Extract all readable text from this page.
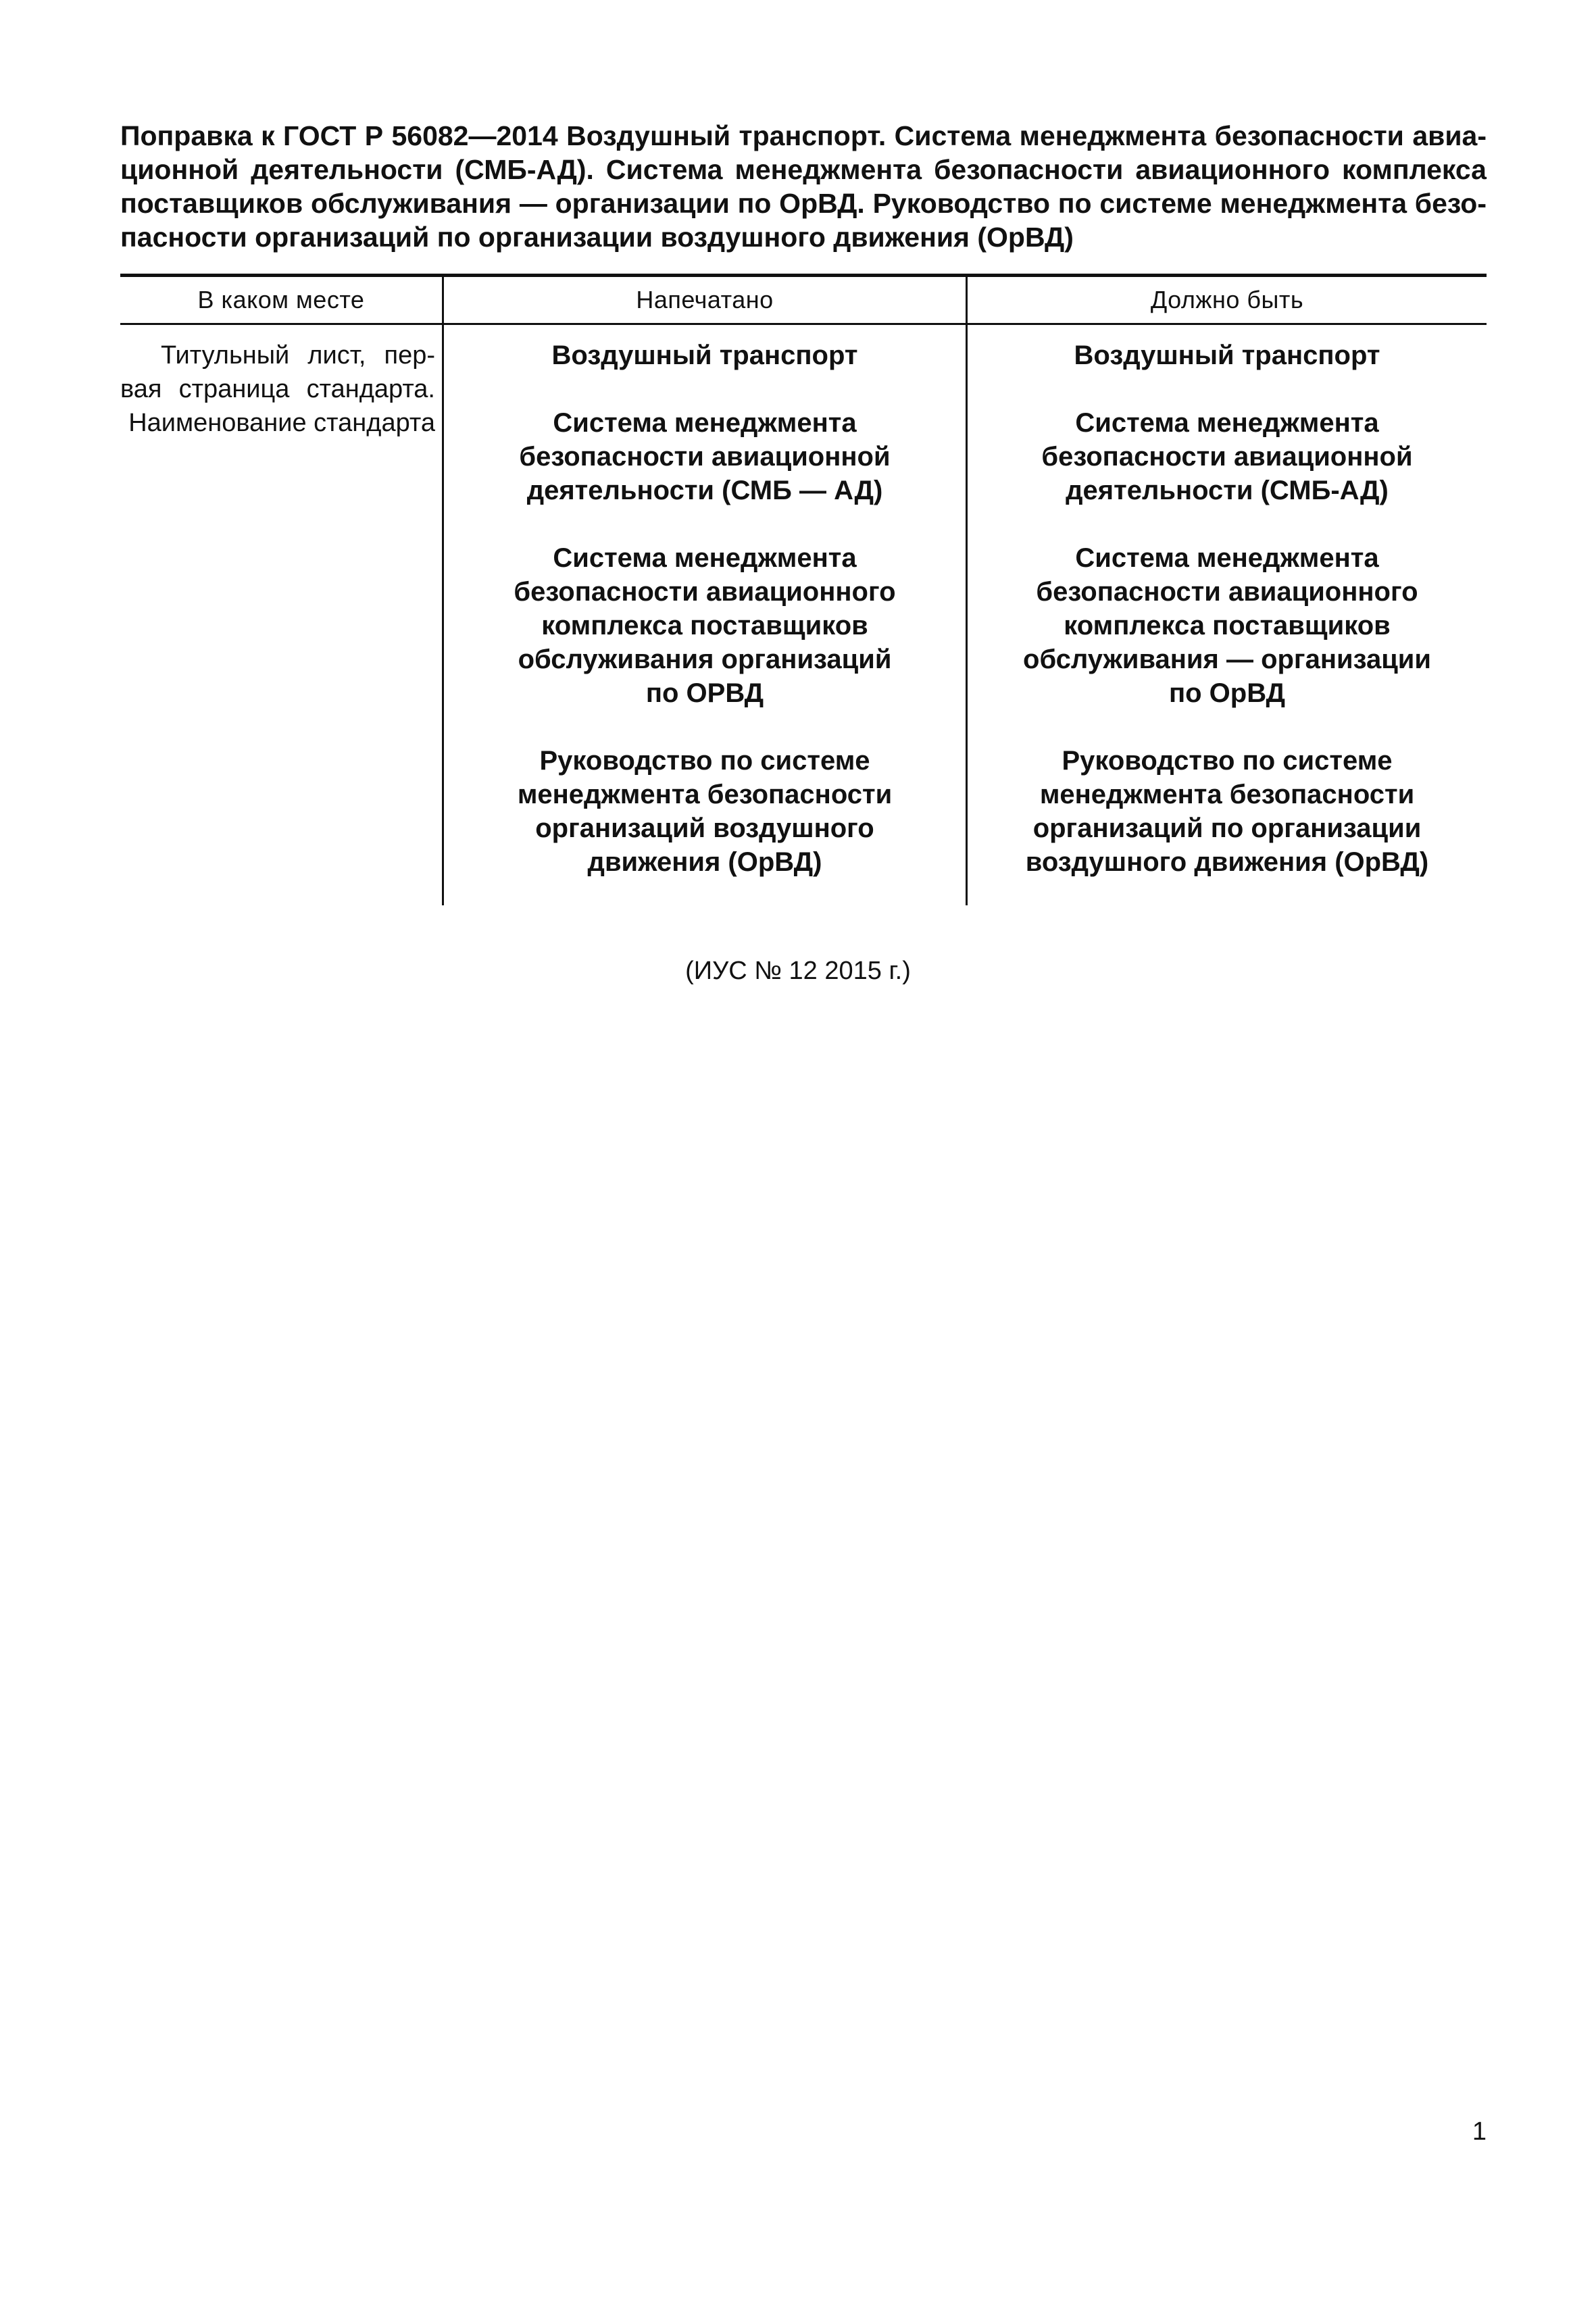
Поправка к ГОСТ Р 56082—2014 Воздушный транспорт. Система менеджмента безопасности авиационной деятельности (СМБ-АД). Система менеджмента безопасности авиационного комплекса поставщиков обслуживания — организации по ОрВД. Руководство по системе менеджмента безопасности организаций по организации воздушного движения (ОрВД)
В каком месте	Напечатано	Должно быть
Титульный лист, первая страница стандарта. Наименование стандарта
Воздушный транспорт
Система менеджмента
безопасности авиационной
деятельности (СМБ — АД)
Система менеджмента
безопасности авиационного
комплекса поставщиков
обслуживания организаций
по ОРВД
Руководство по системе
менеджмента безопасности
организаций воздушного
движения (ОрВД)
Воздушный транспорт
Система менеджмента
безопасности авиационной
деятельности (СМБ-АД)
Система менеджмента
безопасности авиационного
комплекса поставщиков
обслуживания — организации
по ОрВД
Руководство по системе
менеджмента безопасности
организаций по организации
воздушного движения (ОрВД)
(ИУС № 12 2015 г.)
1
